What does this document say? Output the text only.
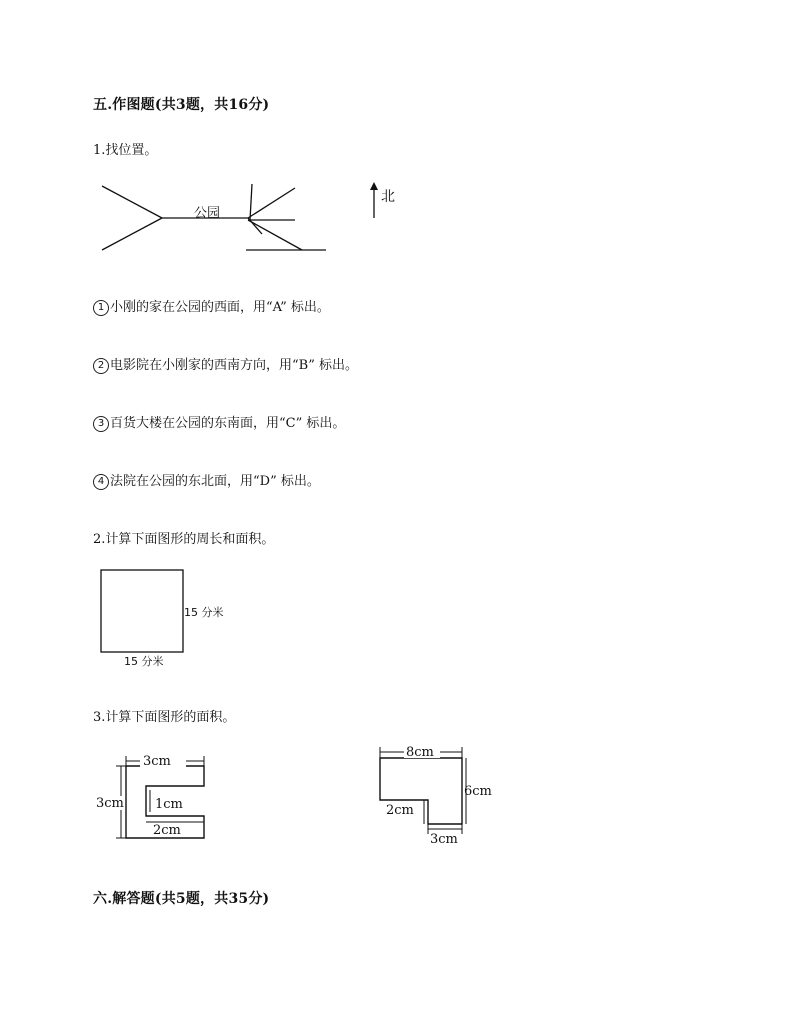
五.作图题(共3题，共16分)
1.找位置。
公园
北
1 小刚的家在公园的西面，用“A” 标出。
2 电影院在小刚家的西南方向，用“B” 标出。
3 百货大楼在公园的东南面，用“C” 标出。
4 法院在公园的东北面，用“D” 标出。
2.计算下面图形的周长和面积。
15 分米
15 分米
3.计算下面图形的面积。
3cm
3cm 1cm
2cm
8cm
6cm
2cm
3cm
六.解答题(共5题，共35分)
